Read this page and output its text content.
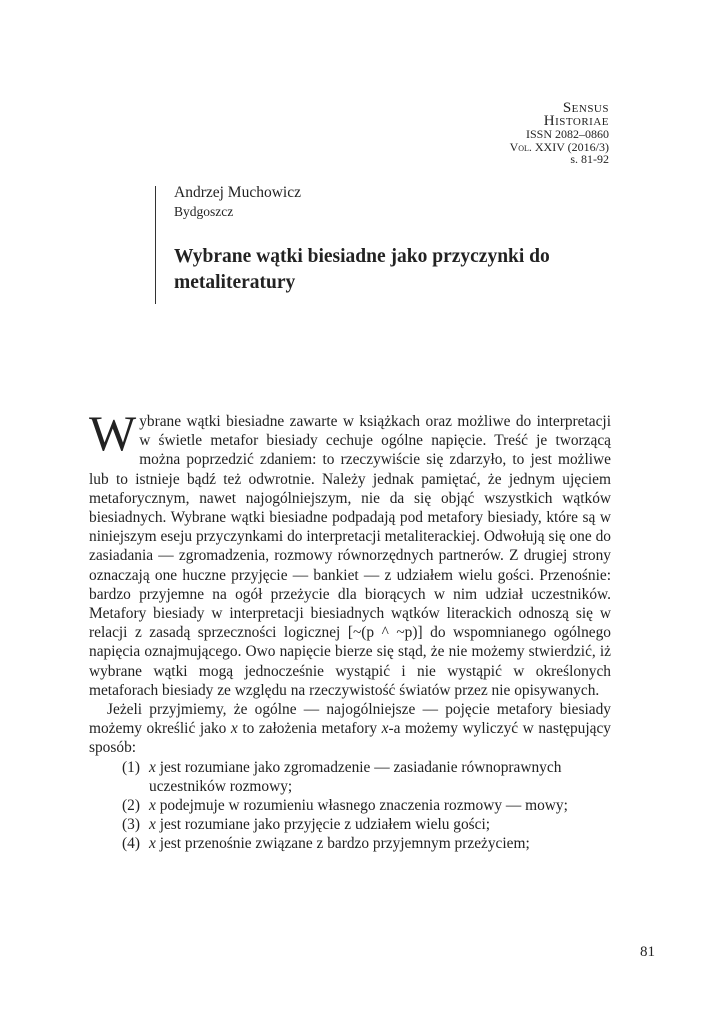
Sensus
Historiae
ISSN 2082–0860
Vol. XXIV (2016/3)
s. 81-92
Andrzej Muchowicz
Bydgoszcz
Wybrane wątki biesiadne jako przyczynki do metaliteratury

Wybrane wątki biesiadne zawarte w książkach oraz możliwe do interpretacji w świetle metafor biesiady cechuje ogólne napięcie. Treść je tworzącą można poprzedzić zdaniem: to rzeczywiście się zdarzyło, to jest możliwe lub to istnieje bądź też odwrotnie. Należy jednak pamiętać, że jednym ujęciem metaforycznym, nawet najogólniejszym, nie da się objąć wszystkich wątków biesiadnych. Wybrane wątki biesiadne podpadają pod metafory biesiady, które są w niniejszym eseju przyczynkami do interpretacji metaliterackiej. Odwołują się one do zasiadania — zgromadzenia, rozmowy równorzędnych partnerów. Z drugiej strony oznaczają one huczne przyjęcie — bankiet — z udziałem wielu gości. Przenośnie: bardzo przyjemne na ogół przeżycie dla biorących w nim udział uczestników. Metafory biesiady w interpretacji biesiadnych wątków literackich odnoszą się w relacji z zasadą sprzeczności logicznej [~(p ^ ~p)] do wspomnianego ogólnego napięcia oznajmującego. Owo napięcie bierze się stąd, że nie możemy stwierdzić, iż wybrane wątki mogą jednocześnie wystąpić i nie wystąpić w określonych metaforach biesiady ze względu na rzeczywistość światów przez nie opisywanych.

Jeżeli przyjmiemy, że ogólne — najogólniejsze — pojęcie metafory biesiady możemy określić jako x to założenia metafory x-a możemy wyliczyć w następujący sposób:

(1) x jest rozumiane jako zgromadzenie — zasiadanie równoprawnych uczestników rozmowy;
(2) x podejmuje w rozumieniu własnego znaczenia rozmowy — mowy;
(3) x jest rozumiane jako przyjęcie z udziałem wielu gości;
(4) x jest przenośnie związane z bardzo przyjemnym przeżyciem;
81
